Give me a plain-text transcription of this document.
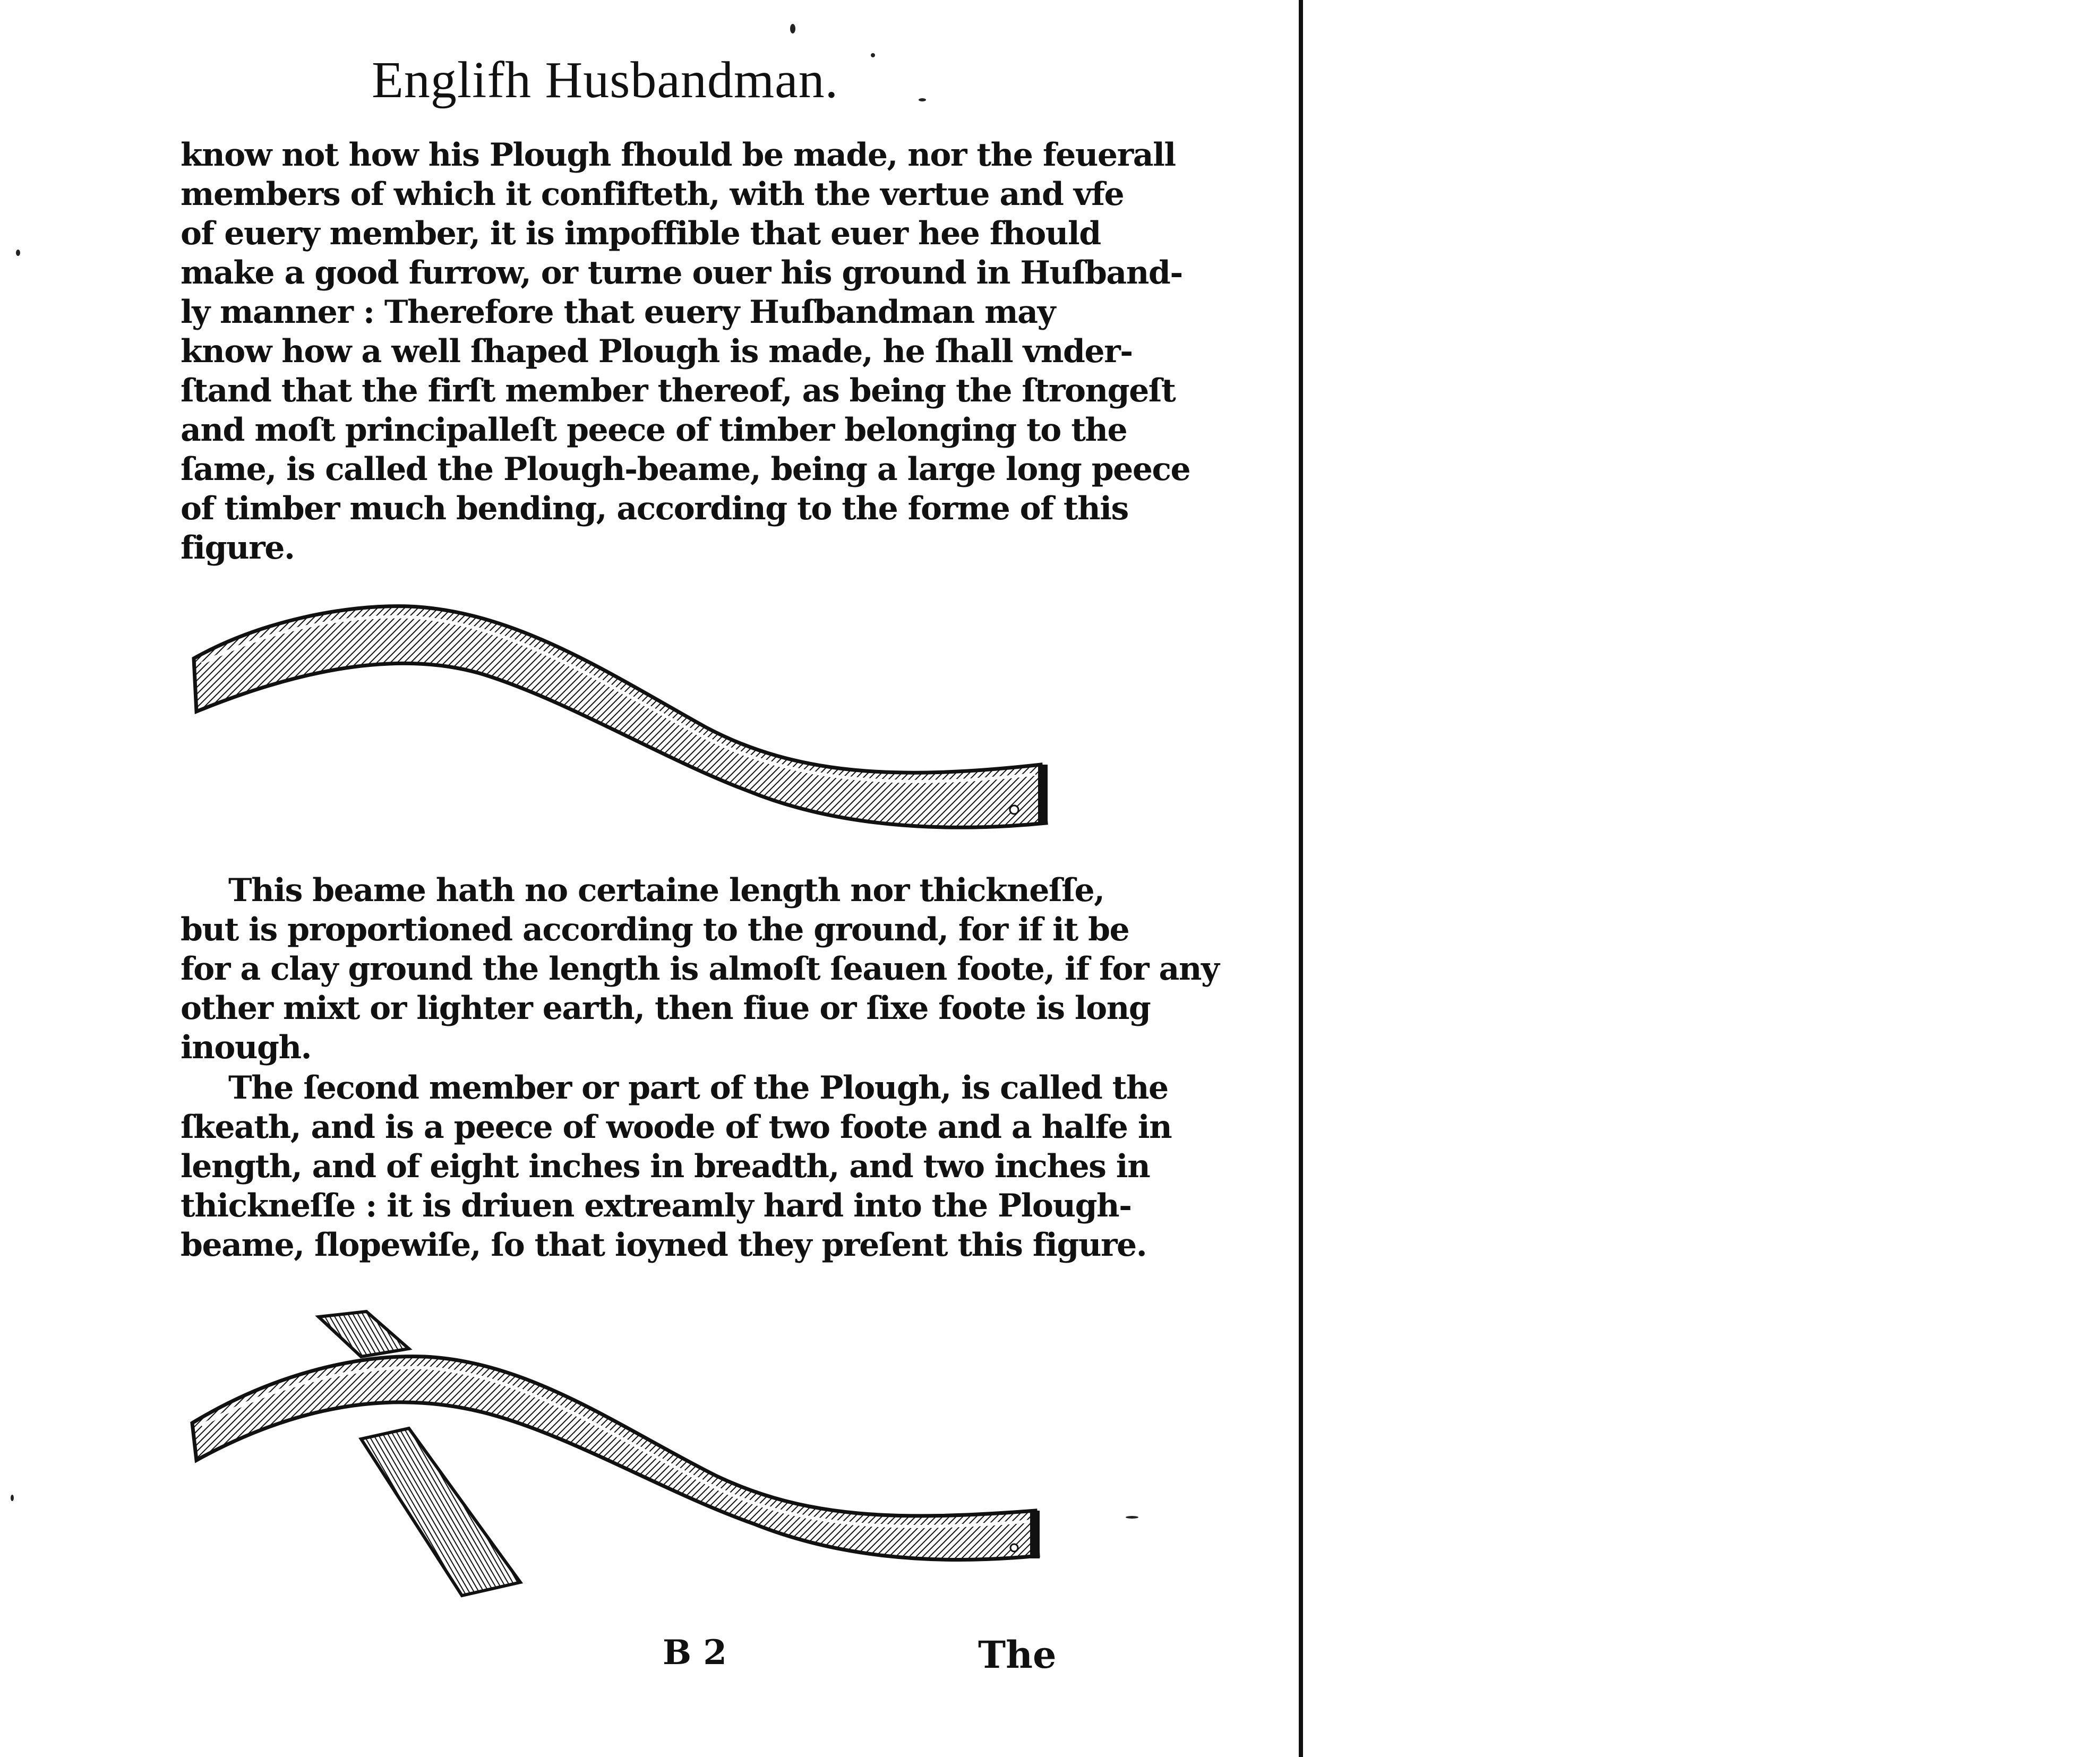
Englifh Husbandman.
know not how his Plough fhould be made, nor the feuerall
members of which it confifteth, with the vertue and vfe
of euery member, it is impoffible that euer hee fhould
make a good furrow, or turne ouer his ground in Huſband-
ly manner : Therefore that euery Huſbandman may
know how a well ſhaped Plough is made, he ſhall vnder-
ſtand that the firſt member thereof, as being the ſtrongeſt
and moſt principalleſt peece of timber belonging to the
ſame, is called the Plough-beame, being a large long peece
of timber much bending, according to the forme of this
figure.
This beame hath no certaine length nor thickneſſe,
but is proportioned according to the ground, for if it be
for a clay ground the length is almoſt ſeauen foote, if for any
other mixt or lighter earth, then fiue or ſixe foote is long
inough.
The ſecond member or part of the Plough, is called the
ſkeath, and is a peece of woode of two foote and a halfe in
length, and of eight inches in breadth, and two inches in
thickneſſe : it is driuen extreamly hard into the Plough-
beame, ſlopewiſe, ſo that ioyned they preſent this figure.
B 2	The
